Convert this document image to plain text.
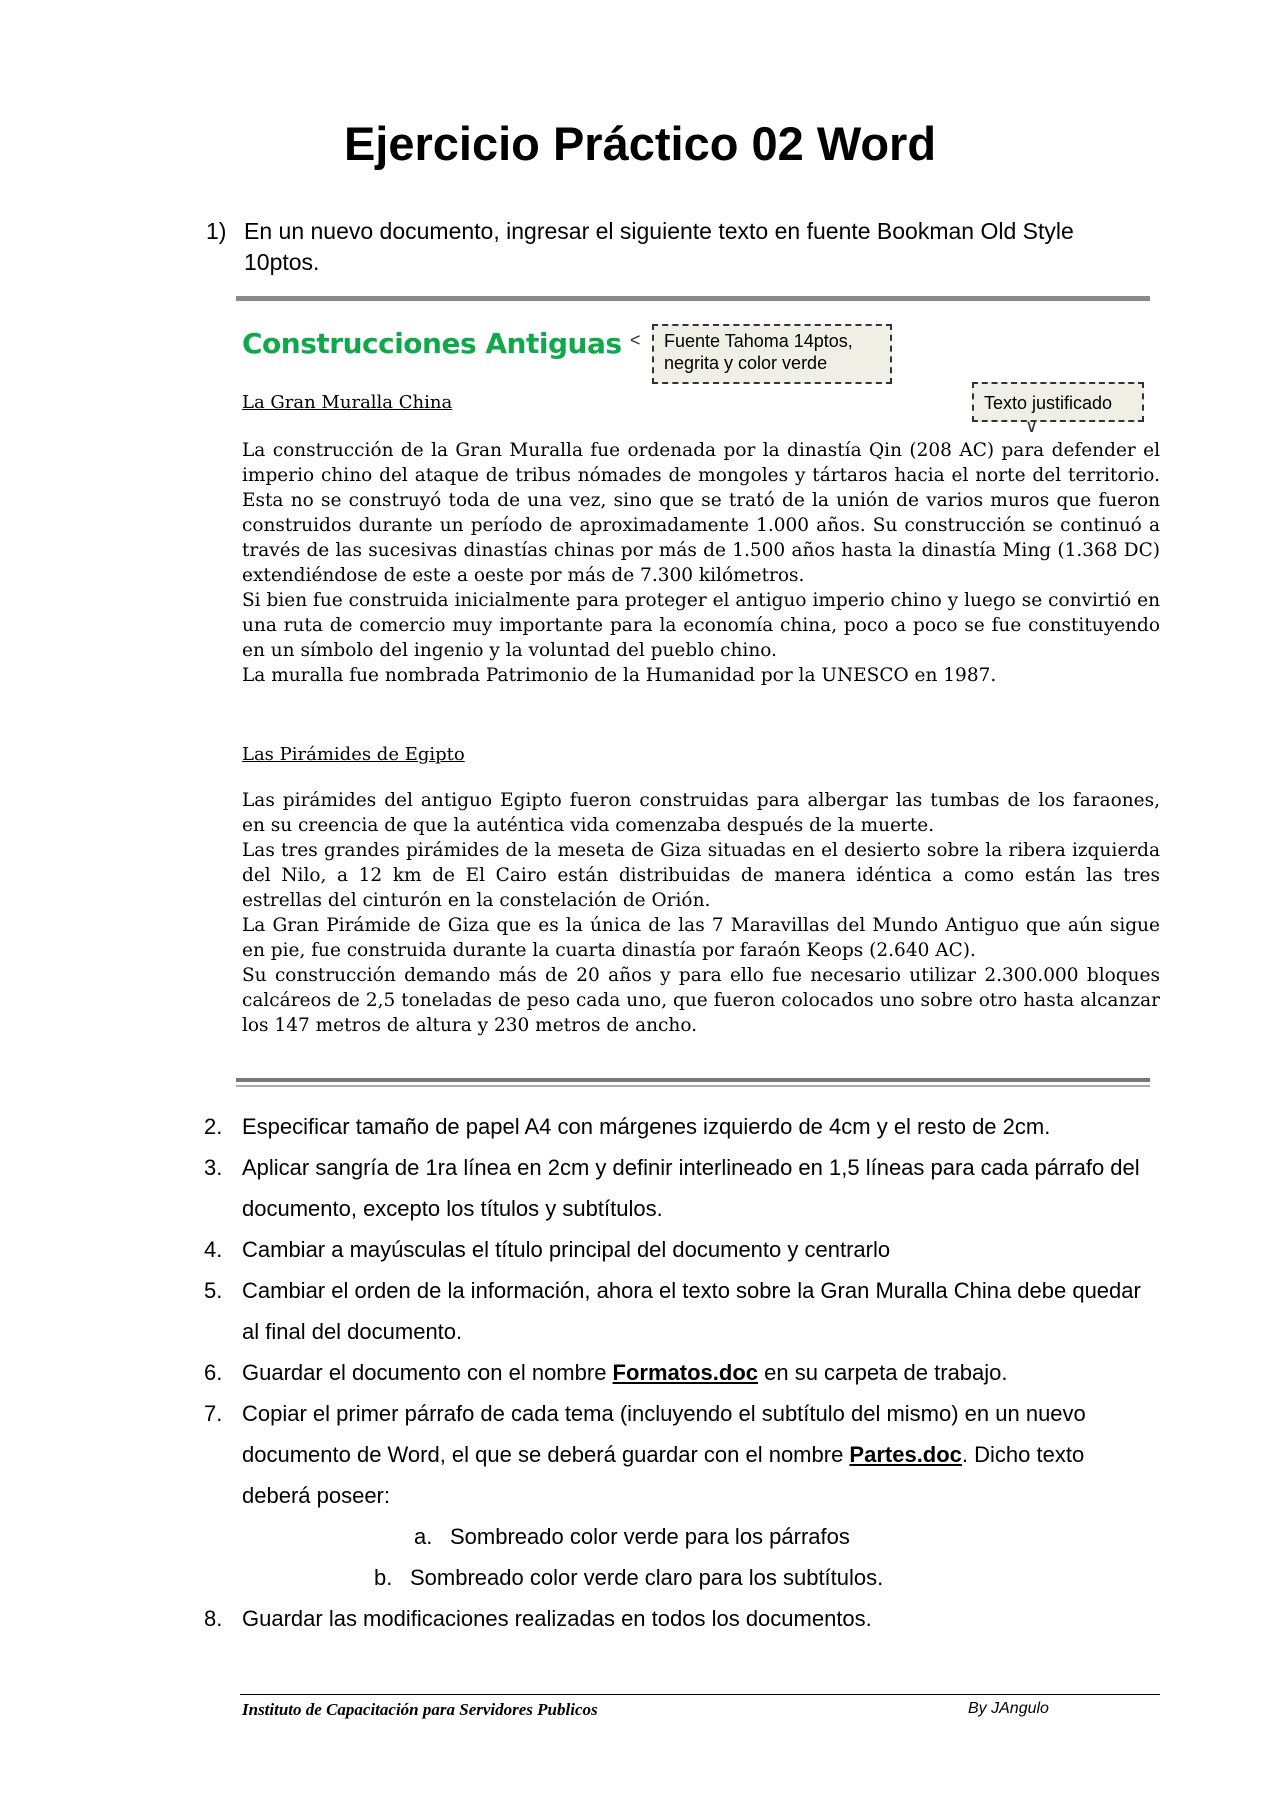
Ejercicio Práctico 02 Word
1) En un nuevo documento, ingresar el siguiente texto en fuente Bookman Old Style 10ptos.
Construcciones Antiguas <	Fuente Tahoma 14ptos, negrita y color verde
Texto justificado
∨
La Gran Muralla China

La construcción de la Gran Muralla fue ordenada por la dinastía Qin (208 AC) para defender el imperio chino del ataque de tribus nómades de mongoles y tártaros hacia el norte del territorio. Esta no se construyó toda de una vez, sino que se trató de la unión de varios muros que fueron construidos durante un período de aproximadamente 1.000 años. Su construcción se continuó a través de las sucesivas dinastías chinas por más de 1.500 años hasta la dinastía Ming (1.368 DC) extendiéndose de este a oeste por más de 7.300 kilómetros.

Si bien fue construida inicialmente para proteger el antiguo imperio chino y luego se convirtió en una ruta de comercio muy importante para la economía china, poco a poco se fue constituyendo en un símbolo del ingenio y la voluntad del pueblo chino.

La muralla fue nombrada Patrimonio de la Humanidad por la UNESCO en 1987.

Las Pirámides de Egipto

Las pirámides del antiguo Egipto fueron construidas para albergar las tumbas de los faraones, en su creencia de que la auténtica vida comenzaba después de la muerte.

Las tres grandes pirámides de la meseta de Giza situadas en el desierto sobre la ribera izquierda del Nilo, a 12 km de El Cairo están distribuidas de manera idéntica a como están las tres estrellas del cinturón en la constelación de Orión.

La Gran Pirámide de Giza que es la única de las 7 Maravillas del Mundo Antiguo que aún sigue en pie, fue construida durante la cuarta dinastía por faraón Keops (2.640 AC).

Su construcción demando más de 20 años y para ello fue necesario utilizar 2.300.000 bloques calcáreos de 2,5 toneladas de peso cada uno, que fueron colocados uno sobre otro hasta alcanzar los 147 metros de altura y 230 metros de ancho.

2. Especificar tamaño de papel A4 con márgenes izquierdo de 4cm y el resto de 2cm.
3. Aplicar sangría de 1ra línea en 2cm y definir interlineado en 1,5 líneas para cada párrafo del documento, excepto los títulos y subtítulos.
4. Cambiar a mayúsculas el título principal del documento y centrarlo
5. Cambiar el orden de la información, ahora el texto sobre la Gran Muralla China debe quedar al final del documento.
6. Guardar el documento con el nombre Formatos.doc en su carpeta de trabajo.
7. Copiar el primer párrafo de cada tema (incluyendo el subtítulo del mismo) en un nuevo documento de Word, el que se deberá guardar con el nombre Partes.doc. Dicho texto deberá poseer:
a. Sombreado color verde para los párrafos
b. Sombreado color verde claro para los subtítulos.
8. Guardar las modificaciones realizadas en todos los documentos.
Instituto de Capacitación para Servidores Publicos	By JAngulo
